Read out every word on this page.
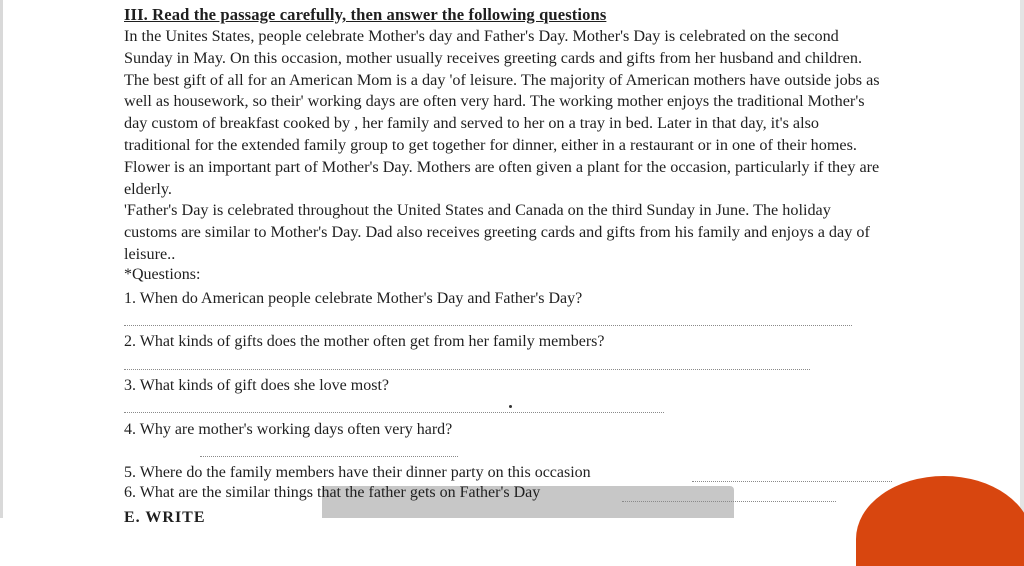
III. Read the passage carefully, then answer the following questions
In the Unites States, people celebrate Mother's day and Father's Day. Mother's Day is celebrated on the second
Sunday in May. On this occasion, mother usually receives greeting cards and gifts from her husband and children.
The best gift of all for an American Mom is a day 'of leisure. The majority of American mothers have outside jobs as
well as housework, so their' working days are often very hard. The working mother enjoys the traditional Mother's
day custom of breakfast cooked by , her family and served to her on a tray in bed. Later in that day, it's also
traditional for the extended family group to get together for dinner, either in a restaurant or in one of their homes.
Flower is an important part of Mother's Day. Mothers are often given a plant for the occasion, particularly if they are
elderly.
'Father's Day is celebrated throughout the United States and Canada on the third Sunday in June. The holiday
customs are similar to Mother's Day. Dad also receives greeting cards and gifts from his family and enjoys a day of
leisure..
*Questions:
1. When do American people celebrate Mother's Day and Father's Day?
2. What kinds of gifts does the mother often get from her family members?
3. What kinds of gift does she love most?
4. Why are mother's working days often very hard?
5. Where do the family members have their dinner party on this occasion
6. What are the similar things that the father gets on Father's Day
E. WRITE
